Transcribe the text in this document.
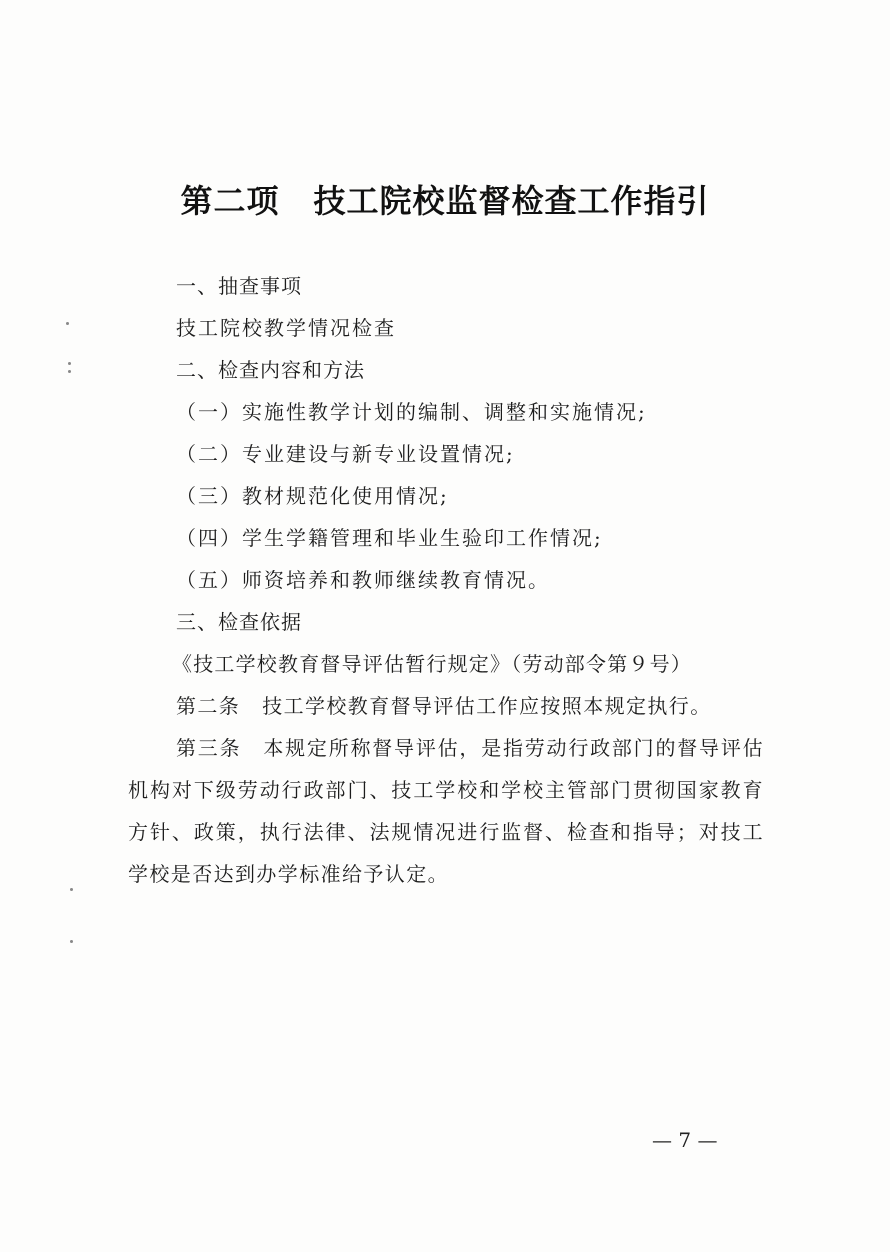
第二项 技工院校监督检查工作指引
一、抽查事项
技工院校教学情况检查
二、检查内容和方法
（一）实施性教学计划的编制、调整和实施情况;
（二）专业建设与新专业设置情况;
（三）教材规范化使用情况;
（四）学生学籍管理和毕业生验印工作情况;
（五）师资培养和教师继续教育情况。
三、检查依据
《技工学校教育督导评估暂行规定》（劳动部令第９号）
第二条 技工学校教育督导评估工作应按照本规定执行。
第三条 本规定所称督导评估，是指劳动行政部门的督导评估机构对下级劳动行政部门、技工学校和学校主管部门贯彻国家教育方针、政策，执行法律、法规情况进行监督、检查和指导；对技工学校是否达到办学标准给予认定。
— 7 —
